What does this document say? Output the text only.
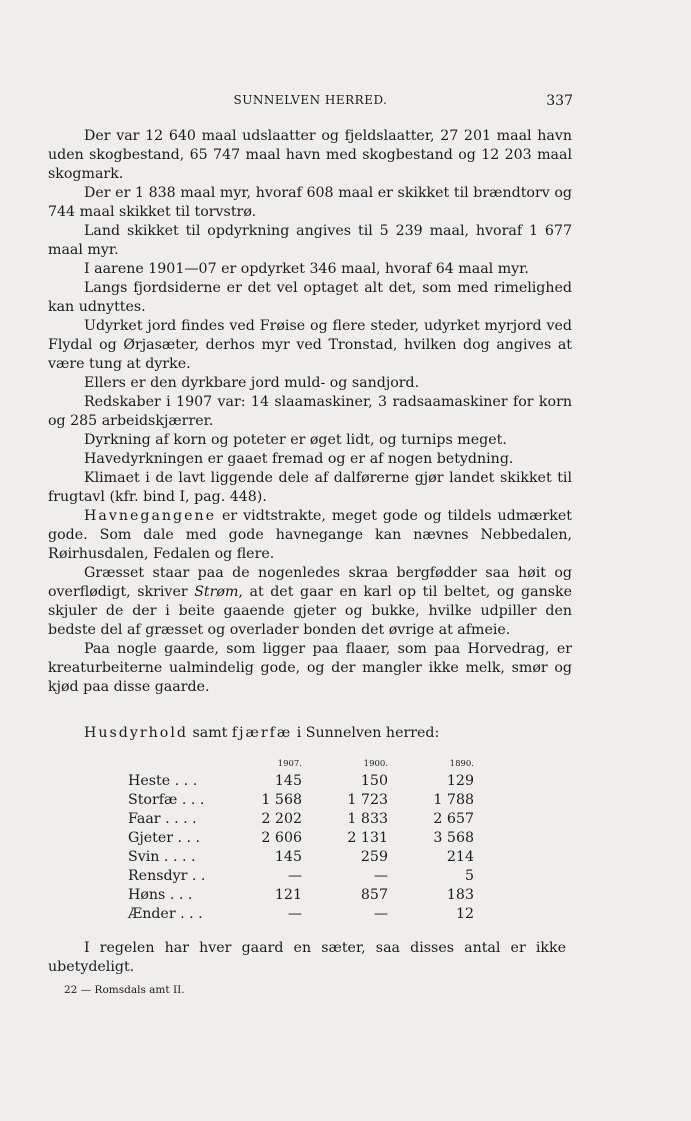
SUNNELVEN HERRED.	337

Der var 12 640 maal udslaatter og fjeldslaatter, 27 201 maal havn uden skogbestand, 65 747 maal havn med skogbestand og 12 203 maal skogmark.

Der er 1 838 maal myr, hvoraf 608 maal er skikket til brændtorv og 744 maal skikket til torvstrø.

Land skikket til opdyrkning angives til 5 239 maal, hvoraf 1 677 maal myr.

I aarene 1901—07 er opdyrket 346 maal, hvoraf 64 maal myr.

Langs fjordsiderne er det vel optaget alt det, som med rimelighed kan udnyttes.

Udyrket jord findes ved Frøise og flere steder, udyrket myrjord ved Flydal og Ørjasæter, derhos myr ved Tronstad, hvilken dog angives at være tung at dyrke.

Ellers er den dyrkbare jord muld- og sandjord.

Redskaber i 1907 var: 14 slaamaskiner, 3 radsaamaskiner for korn og 285 arbeidskjærrer.

Dyrkning af korn og poteter er øget lidt, og turnips meget.

Havedyrkningen er gaaet fremad og er af nogen betydning.

Klimaet i de lavt liggende dele af dalførerne gjør landet skikket til frugtavl (kfr. bind I, pag. 448).

Havnegangene er vidtstrakte, meget gode og tildels udmærket gode. Som dale med gode havnegange kan nævnes Nebbedalen, Røirhusdalen, Fedalen og flere.

Græsset staar paa de nogenledes skraa bergfødder saa høit og overflødigt, skriver Strøm, at det gaar en karl op til beltet, og ganske skjuler de der i beite gaaende gjeter og bukke, hvilke udpiller den bedste del af græsset og overlader bonden det øvrige at afmeie.

Paa nogle gaarde, som ligger paa flaaer, som paa Horvedrag, er kreaturbeiterne ualmindelig gode, og der mangler ikke melk, smør og kjød paa disse gaarde.

Husdyrhold samt fjærfæ i Sunnelven herred:
	1907.	1900.	1890.
Heste . . .	145	150	129
Storfæ . . .	1 568	1 723	1 788
Faar . . . .	2 202	1 833	2 657
Gjeter . . .	2 606	2 131	3 568
Svin . . . .	145	259	214
Rensdyr . .	—	—	5
Høns . . .	121	857	183
Ænder . . .	—	—	12

I regelen har hver gaard en sæter, saa disses antal er ikke ubetydeligt.

22 — Romsdals amt II.
